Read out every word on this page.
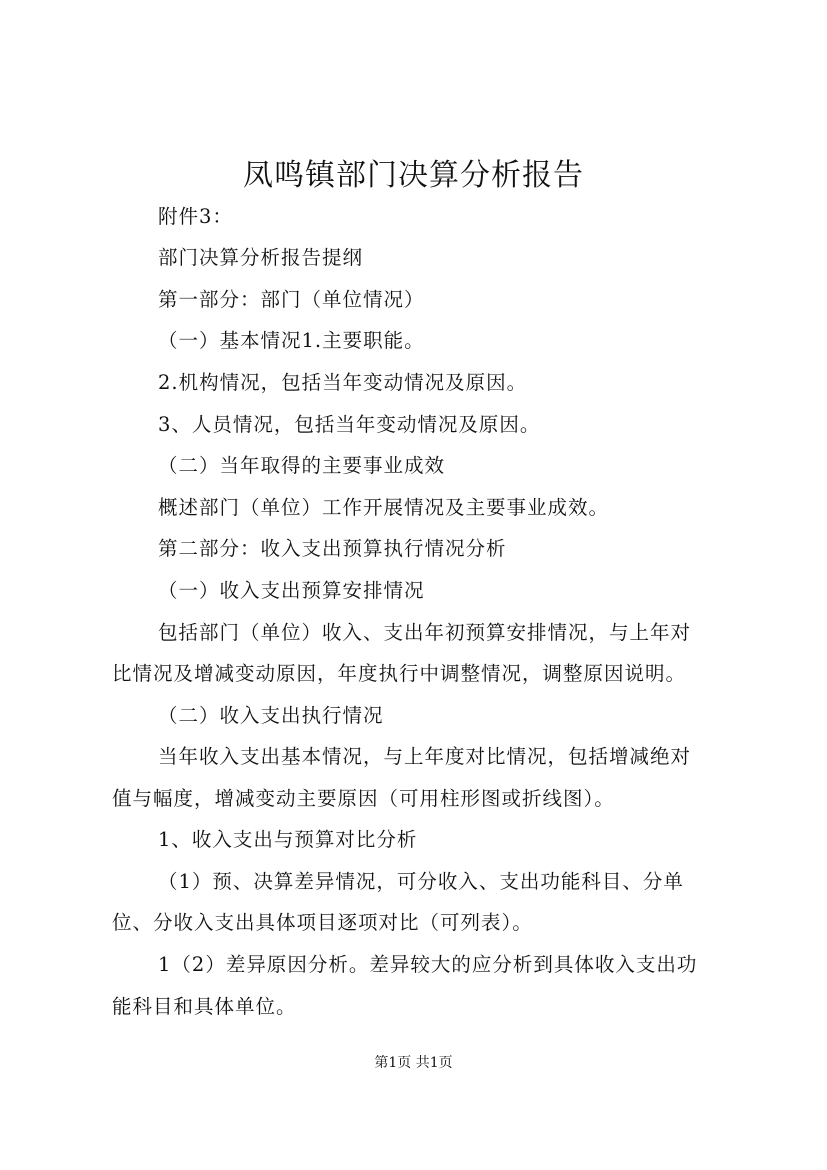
凤鸣镇部门决算分析报告
附件3：
部门决算分析报告提纲
第一部分：部门（单位情况）
（一）基本情况1.主要职能。
2.机构情况，包括当年变动情况及原因。
3、人员情况，包括当年变动情况及原因。
（二）当年取得的主要事业成效
概述部门（单位）工作开展情况及主要事业成效。
第二部分：收入支出预算执行情况分析
（一）收入支出预算安排情况
包括部门（单位）收入、支出年初预算安排情况，与上年对
比情况及增减变动原因，年度执行中调整情况，调整原因说明。
（二）收入支出执行情况
当年收入支出基本情况，与上年度对比情况，包括增减绝对
值与幅度，增减变动主要原因（可用柱形图或折线图）。
1、收入支出与预算对比分析
（1）预、决算差异情况，可分收入、支出功能科目、分单
位、分收入支出具体项目逐项对比（可列表）。
1（2）差异原因分析。差异较大的应分析到具体收入支出功
能科目和具体单位。
第1页 共1页
